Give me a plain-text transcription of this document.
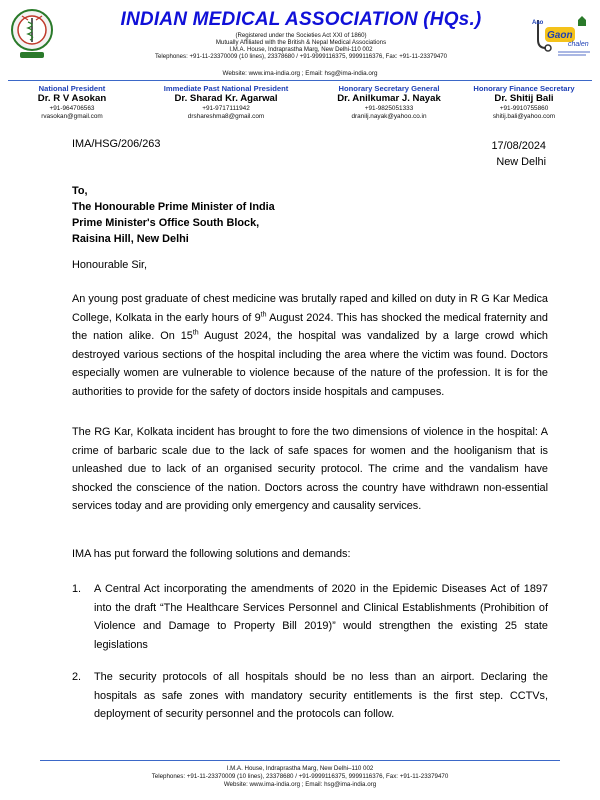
Aao
Gaon
chalen
INDIAN MEDICAL ASSOCIATION (HQs.)
(Registered under the Societies Act XXI of 1860)
Mutually Affiliated with the British & Nepal Medical Associations
I.M.A. House, Indraprastha Marg, New Delhi-110 002
Telephones: +91-11-23370009 (10 lines), 23378680 / +91-9999116375, 9999116376, Fax: +91-11-23379470
Website: www.ima-india.org ; Email: hsg@ima-india.org
National President
Dr. R V Asokan
+91-964706563
rvasokan@gmail.com
Immediate Past National President
Dr. Sharad Kr. Agarwal
+91-9717111942
drshareshma8@gmail.com
Honorary Secretary General
Dr. Anilkumar J. Nayak
+91-9825051333
dranilj.nayak@yahoo.co.in
Honorary Finance Secretary
Dr. Shitij Bali
+91-9910755860
shitij.bali@yahoo.com
IMA/HSG/206/263	17/08/2024
New Delhi
To,
The Honourable Prime Minister of India
Prime Minister's Office South Block,
Raisina Hill, New Delhi
Honourable Sir,
An young post graduate of chest medicine was brutally raped and killed on duty in R G Kar Medica College, Kolkata in the early hours of 9th August 2024. This has shocked the medical fraternity and the nation alike. On 15th August 2024, the hospital was vandalized by a large crowd which destroyed various sections of the hospital including the area where the victim was found. Doctors especially women are vulnerable to violence because of the nature of the profession. It is for the authorities to provide for the safety of doctors inside hospitals and campuses.
The RG Kar, Kolkata incident has brought to fore the two dimensions of violence in the hospital: A crime of barbaric scale due to the lack of safe spaces for women and the hooliganism that is unleashed due to lack of an organised security protocol. The crime and the vandalism have shocked the conscience of the nation. Doctors across the country have withdrawn non-essential services today and are providing only emergency and causality services.
IMA has put forward the following solutions and demands:
1.	A Central Act incorporating the amendments of 2020 in the Epidemic Diseases Act of 1897 into the draft “The Healthcare Services Personnel and Clinical Establishments (Prohibition of Violence and Damage to Property Bill 2019)” would strengthen the existing 25 state legislations
2.	The security protocols of all hospitals should be no less than an airport. Declaring the hospitals as safe zones with mandatory security entitlements is the first step. CCTVs, deployment of security personnel and the protocols can follow.
I.M.A. House, Indraprastha Marg, New Delhi–110 002
Telephones: +91-11-23370009 (10 lines), 23378680 / +91-9999116375, 9999116376, Fax: +91-11-23379470
Website: www.ima-india.org ; Email: hsg@ima-india.org
